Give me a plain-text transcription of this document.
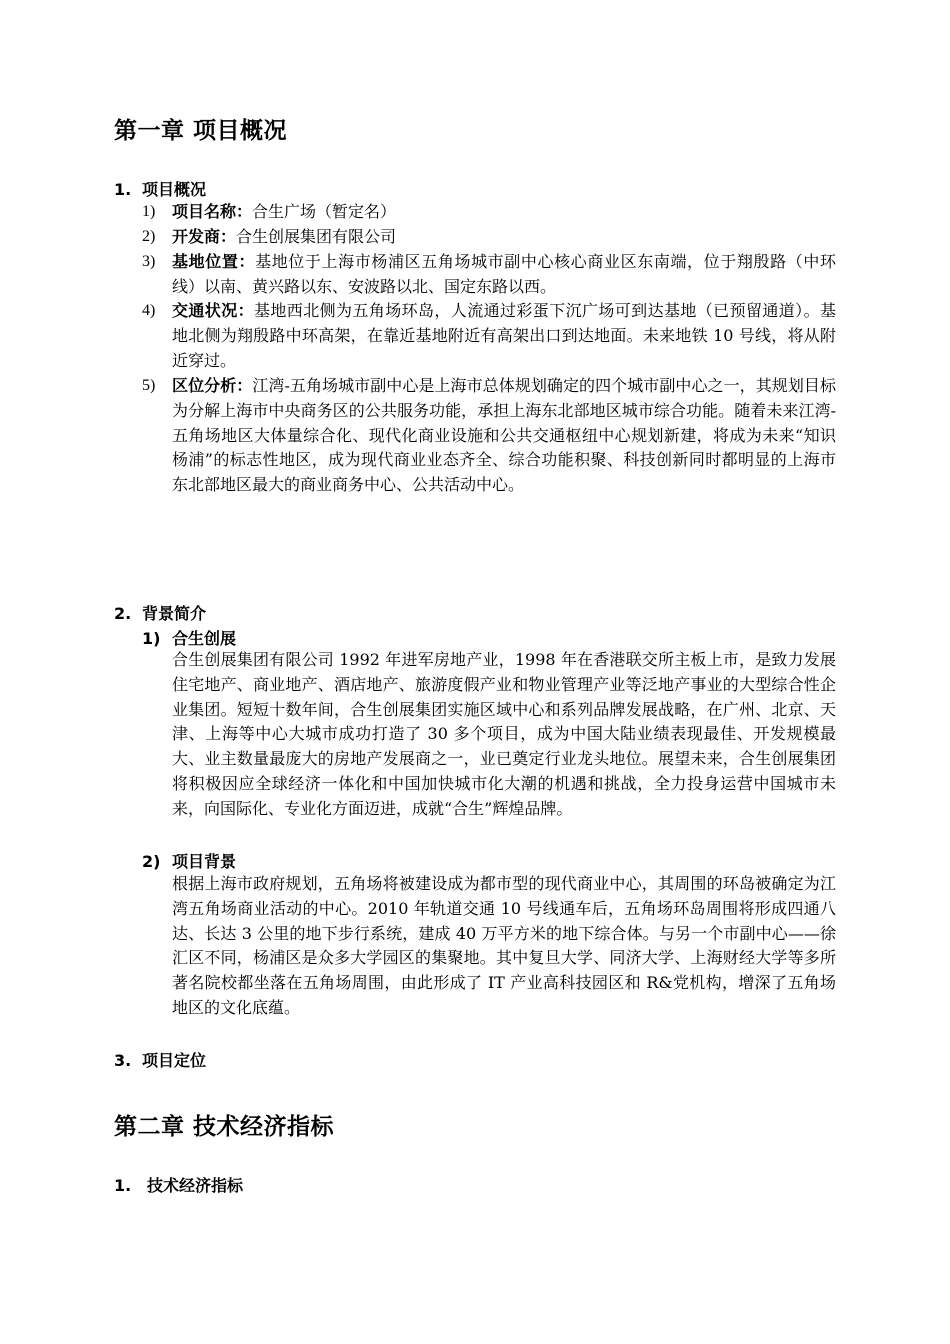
第一章 项目概况
1. 项目概况
1) 项目名称：合生广场（暂定名）
2) 开发商：合生创展集团有限公司
3) 基地位置：基地位于上海市杨浦区五角场城市副中心核心商业区东南端，位于翔殷路（中环线）以南、黄兴路以东、安波路以北、国定东路以西。
4) 交通状况：基地西北侧为五角场环岛，人流通过彩蛋下沉广场可到达基地（已预留通道）。基地北侧为翔殷路中环高架，在靠近基地附近有高架出口到达地面。未来地铁 10 号线，将从附近穿过。
5) 区位分析：江湾-五角场城市副中心是上海市总体规划确定的四个城市副中心之一，其规划目标为分解上海市中央商务区的公共服务功能，承担上海东北部地区城市综合功能。随着未来江湾-五角场地区大体量综合化、现代化商业设施和公共交通枢纽中心规划新建，将成为未来“知识杨浦”的标志性地区，成为现代商业业态齐全、综合功能积聚、科技创新同时都明显的上海市东北部地区最大的商业商务中心、公共活动中心。
2. 背景简介
1) 合生创展
合生创展集团有限公司 1992 年进军房地产业，1998 年在香港联交所主板上市，是致力发展住宅地产、商业地产、酒店地产、旅游度假产业和物业管理产业等泛地产事业的大型综合性企业集团。短短十数年间，合生创展集团实施区域中心和系列品牌发展战略，在广州、北京、天津、上海等中心大城市成功打造了 30 多个项目，成为中国大陆业绩表现最佳、开发规模最大、业主数量最庞大的房地产发展商之一，业已奠定行业龙头地位。展望未来，合生创展集团将积极因应全球经济一体化和中国加快城市化大潮的机遇和挑战，全力投身运营中国城市未来，向国际化、专业化方面迈进，成就“合生”辉煌品牌。
2) 项目背景
根据上海市政府规划，五角场将被建设成为都市型的现代商业中心，其周围的环岛被确定为江湾五角场商业活动的中心。2010 年轨道交通 10 号线通车后，五角场环岛周围将形成四通八达、长达 3 公里的地下步行系统，建成 40 万平方米的地下综合体。与另一个市副中心——徐汇区不同，杨浦区是众多大学园区的集聚地。其中复旦大学、同济大学、上海财经大学等多所著名院校都坐落在五角场周围，由此形成了 IT 产业高科技园区和 R&党机构，增深了五角场地区的文化底蕴。
3. 项目定位
第二章 技术经济指标
1. 技术经济指标
